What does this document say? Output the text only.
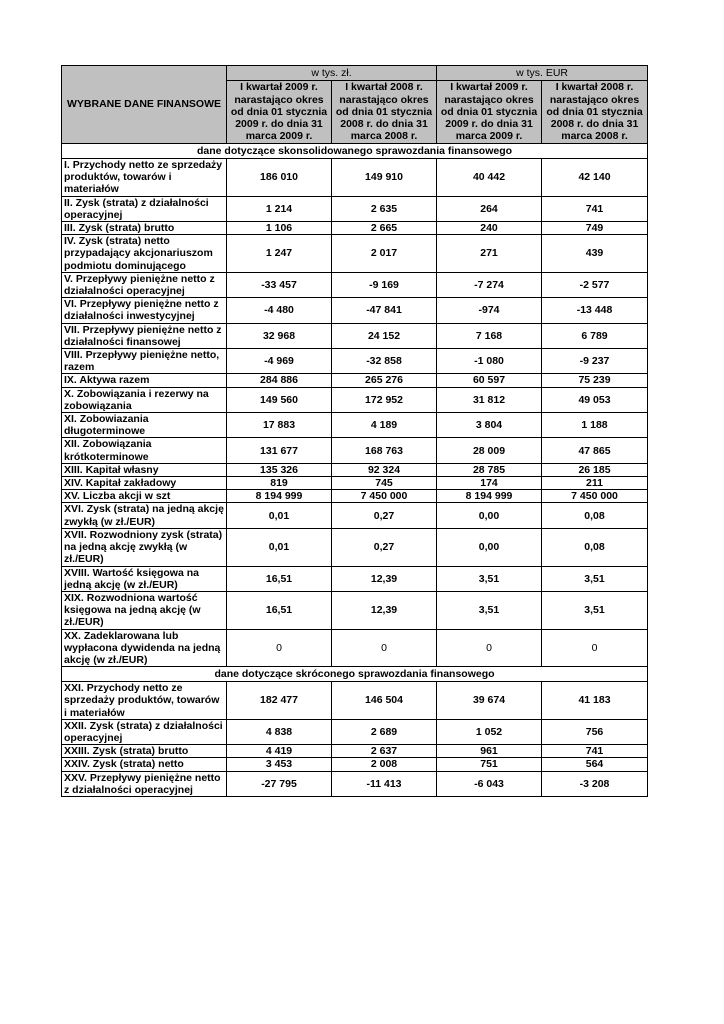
WYBRANE DANE FINANSOWE	w tys. zł.		w tys. EUR	
	I kwartał 2009 r. narastająco okres od dnia 01 stycznia 2009 r. do dnia 31 marca 2009 r.	I kwartał 2008 r. narastająco okres od dnia 01 stycznia 2008 r. do dnia 31 marca 2008 r.	I kwartał 2009 r. narastająco okres od dnia 01 stycznia 2009 r. do dnia 31 marca 2009 r.	I kwartał 2008 r. narastająco okres od dnia 01 stycznia 2008 r. do dnia 31 marca 2008 r.
dane dotyczące skonsolidowanego sprawozdania finansowego				
I. Przychody netto ze sprzedaży produktów, towarów i materiałów	186 010	149 910	40 442	42 140
II. Zysk (strata) z działalności operacyjnej	1 214	2 635	264	741
III. Zysk (strata) brutto	1 106	2 665	240	749
IV. Zysk (strata) netto przypadający akcjonariuszom podmiotu dominującego	1 247	2 017	271	439
V. Przepływy pieniężne netto z działalności operacyjnej	-33 457	-9 169	-7 274	-2 577
VI. Przepływy pieniężne netto z działalności inwestycyjnej	-4 480	-47 841	-974	-13 448
VII. Przepływy pieniężne netto z działalności finansowej	32 968	24 152	7 168	6 789
VIII. Przepływy pieniężne netto, razem	-4 969	-32 858	-1 080	-9 237
IX. Aktywa razem	284 886	265 276	60 597	75 239
X. Zobowiązania i rezerwy na zobowiązania	149 560	172 952	31 812	49 053
XI. Zobowiazania długoterminowe	17 883	4 189	3 804	1 188
XII. Zobowiązania krótkoterminowe	131 677	168 763	28 009	47 865
XIII. Kapitał własny	135 326	92 324	28 785	26 185
XIV. Kapitał zakładowy	819	745	174	211
XV. Liczba akcji w szt	8 194 999	7 450 000	8 194 999	7 450 000
XVI. Zysk (strata) na jedną akcję zwykłą (w zł./EUR)	0,01	0,27	0,00	0,08
XVII. Rozwodniony zysk (strata) na jedną akcję zwykłą (w zł./EUR)	0,01	0,27	0,00	0,08
XVIII. Wartość księgowa na jedną akcję (w zł./EUR)	16,51	12,39	3,51	3,51
XIX. Rozwodniona wartość księgowa na jedną akcję (w zł./EUR)	16,51	12,39	3,51	3,51
XX. Zadeklarowana lub wypłacona dywidenda na jedną akcję (w zł./EUR)	0	0	0	0
dane dotyczące skróconego sprawozdania finansowego				
XXI. Przychody netto ze sprzedaży produktów, towarów i materiałów	182 477	146 504	39 674	41 183
XXII. Zysk (strata) z działalności operacyjnej	4 838	2 689	1 052	756
XXIII. Zysk (strata) brutto	4 419	2 637	961	741
XXIV. Zysk (strata) netto	3 453	2 008	751	564
XXV. Przepływy pieniężne netto z działalności operacyjnej	-27 795	-11 413	-6 043	-3 208
